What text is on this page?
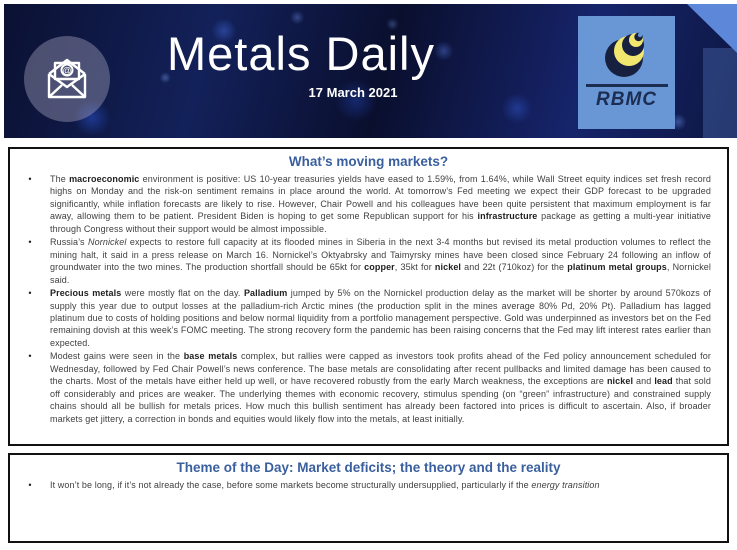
@	Metals Daily
17 March 2021	RBMC
What’s moving markets?
•	The macroeconomic environment is positive: US 10-year treasuries yields have eased to 1.59%, from 1.64%, while Wall Street equity indices set fresh record highs on Monday and the risk-on sentiment remains in place around the world. At tomorrow’s Fed meeting we expect their GDP forecast to be upgraded significantly, while inflation forecasts are likely to rise. However, Chair Powell and his colleagues have been quite persistent that maximum employment is far away, allowing them to be patient. President Biden is hoping to get some Republican support for his infrastructure package as getting a multi-year initiative through Congress without their support would be almost impossible.
•	Russia’s Nornickel expects to restore full capacity at its flooded mines in Siberia in the next 3-4 months but revised its metal production volumes to reflect the mining halt, it said in a press release on March 16. Nornickel’s Oktyabrsky and Taimyrsky mines have been closed since February 24 following an inflow of groundwater into the two mines. The production shortfall should be 65kt for copper, 35kt for nickel and 22t (710koz) for the platinum metal groups, Nornickel said.
•	Precious metals were mostly flat on the day. Palladium jumped by 5% on the Nornickel production delay as the market will be shorter by around 570kozs of supply this year due to output losses at the palladium-rich Arctic mines (the production split in the mines average 80% Pd, 20% Pt). Palladium has lagged platinum due to costs of holding positions and below normal liquidity from a portfolio management perspective. Gold was underpinned as investors bet on the Fed remaining dovish at this week’s FOMC meeting. The strong recovery form the pandemic has been raising concerns that the Fed may lift interest rates earlier than expected.
•	Modest gains were seen in the base metals complex, but rallies were capped as investors took profits ahead of the Fed policy announcement scheduled for Wednesday, followed by Fed Chair Powell’s news conference. The base metals are consolidating after recent pullbacks and limited damage has been caused to the charts. Most of the metals have either held up well, or have recovered robustly from the early March weakness, the exceptions are nickel and lead that sold off considerably and prices are weaker. The underlying themes with economic recovery, stimulus spending (on “green” infrastructure) and constrained supply chains should all be bullish for metals prices. How much this bullish sentiment has already been factored into prices is difficult to ascertain. Also, if broader markets get jittery, a correction in bonds and equities would likely flow into the metals, at least initially.
Theme of the Day: Market deficits; the theory and the reality
•	It won’t be long, if it’s not already the case, before some markets become structurally undersupplied, particularly if the energy transition
